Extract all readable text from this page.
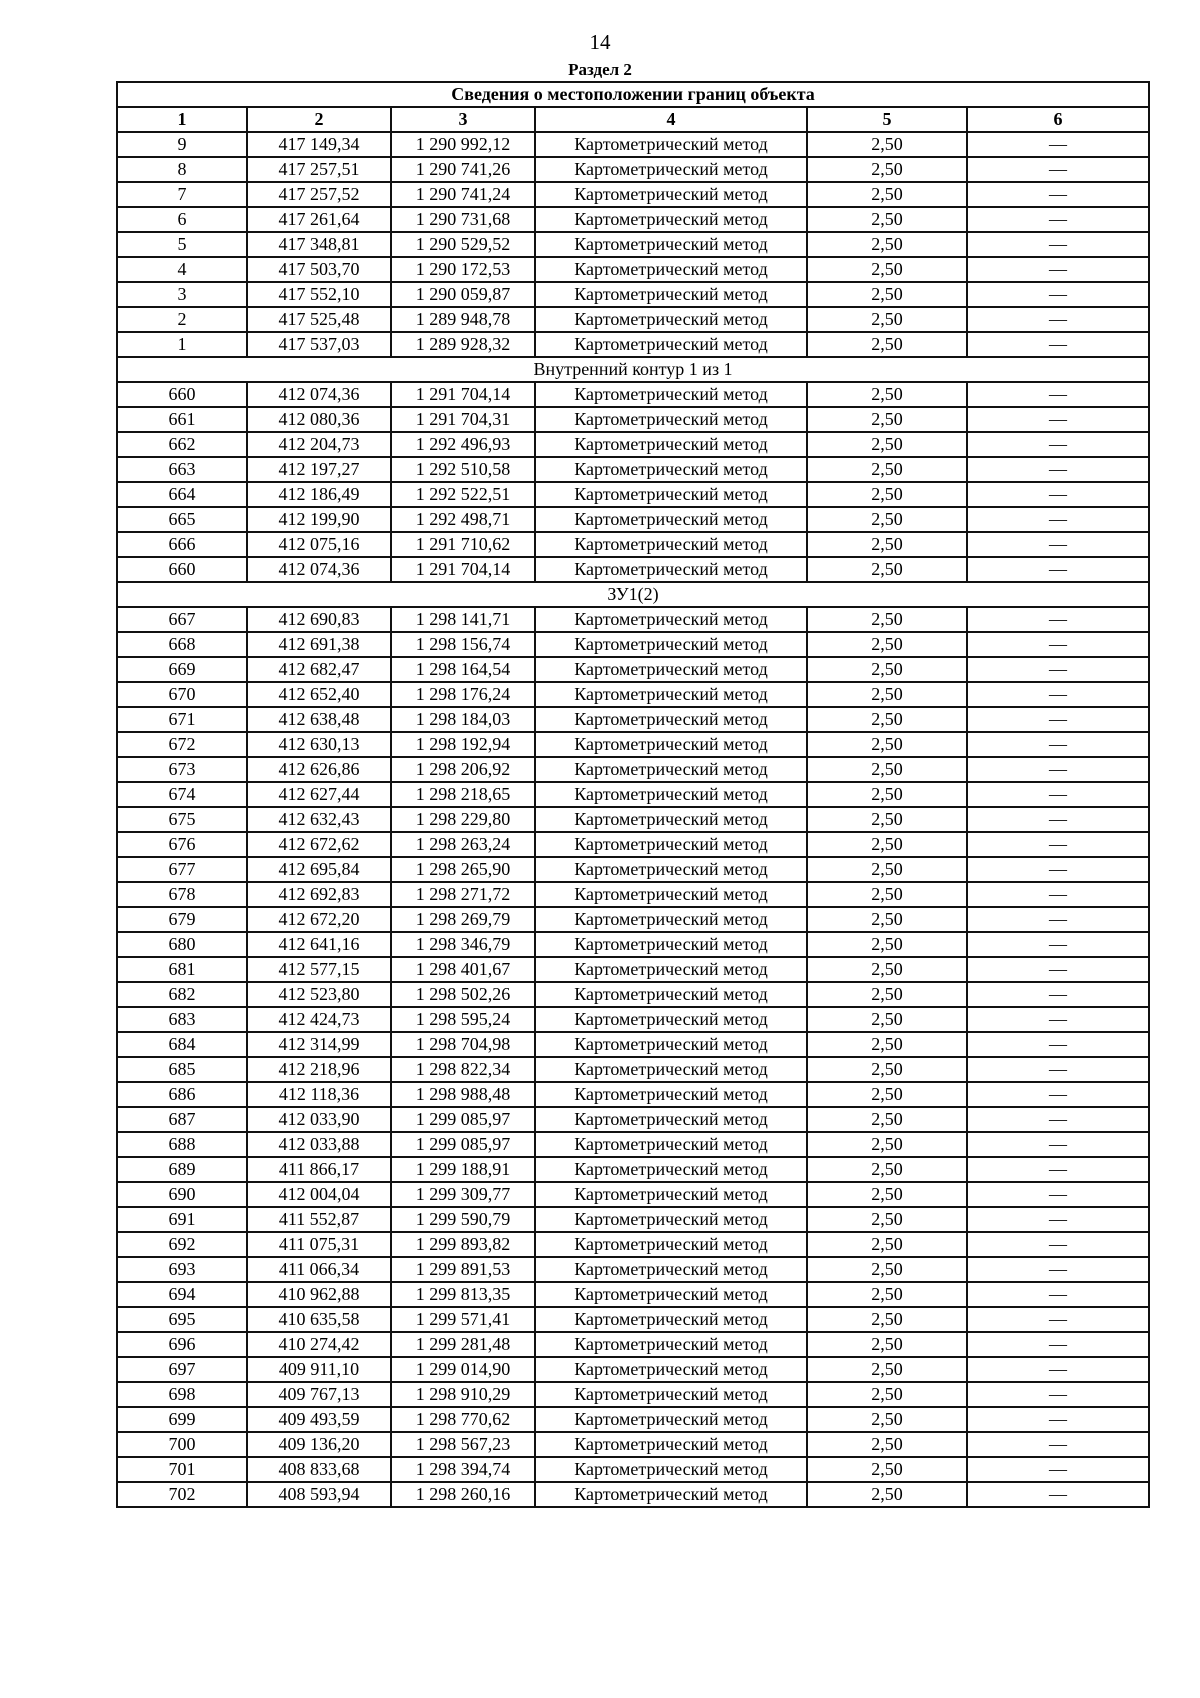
14
Раздел 2
Сведения о местоположении границ объекта					
1	2	3	4	5	6
9	417 149,34	1 290 992,12	Картометрический метод	2,50	—
8	417 257,51	1 290 741,26	Картометрический метод	2,50	—
7	417 257,52	1 290 741,24	Картометрический метод	2,50	—
6	417 261,64	1 290 731,68	Картометрический метод	2,50	—
5	417 348,81	1 290 529,52	Картометрический метод	2,50	—
4	417 503,70	1 290 172,53	Картометрический метод	2,50	—
3	417 552,10	1 290 059,87	Картометрический метод	2,50	—
2	417 525,48	1 289 948,78	Картометрический метод	2,50	—
1	417 537,03	1 289 928,32	Картометрический метод	2,50	—
Внутренний контур 1 из 1					
660	412 074,36	1 291 704,14	Картометрический метод	2,50	—
661	412 080,36	1 291 704,31	Картометрический метод	2,50	—
662	412 204,73	1 292 496,93	Картометрический метод	2,50	—
663	412 197,27	1 292 510,58	Картометрический метод	2,50	—
664	412 186,49	1 292 522,51	Картометрический метод	2,50	—
665	412 199,90	1 292 498,71	Картометрический метод	2,50	—
666	412 075,16	1 291 710,62	Картометрический метод	2,50	—
660	412 074,36	1 291 704,14	Картометрический метод	2,50	—
ЗУ1(2)					
667	412 690,83	1 298 141,71	Картометрический метод	2,50	—
668	412 691,38	1 298 156,74	Картометрический метод	2,50	—
669	412 682,47	1 298 164,54	Картометрический метод	2,50	—
670	412 652,40	1 298 176,24	Картометрический метод	2,50	—
671	412 638,48	1 298 184,03	Картометрический метод	2,50	—
672	412 630,13	1 298 192,94	Картометрический метод	2,50	—
673	412 626,86	1 298 206,92	Картометрический метод	2,50	—
674	412 627,44	1 298 218,65	Картометрический метод	2,50	—
675	412 632,43	1 298 229,80	Картометрический метод	2,50	—
676	412 672,62	1 298 263,24	Картометрический метод	2,50	—
677	412 695,84	1 298 265,90	Картометрический метод	2,50	—
678	412 692,83	1 298 271,72	Картометрический метод	2,50	—
679	412 672,20	1 298 269,79	Картометрический метод	2,50	—
680	412 641,16	1 298 346,79	Картометрический метод	2,50	—
681	412 577,15	1 298 401,67	Картометрический метод	2,50	—
682	412 523,80	1 298 502,26	Картометрический метод	2,50	—
683	412 424,73	1 298 595,24	Картометрический метод	2,50	—
684	412 314,99	1 298 704,98	Картометрический метод	2,50	—
685	412 218,96	1 298 822,34	Картометрический метод	2,50	—
686	412 118,36	1 298 988,48	Картометрический метод	2,50	—
687	412 033,90	1 299 085,97	Картометрический метод	2,50	—
688	412 033,88	1 299 085,97	Картометрический метод	2,50	—
689	411 866,17	1 299 188,91	Картометрический метод	2,50	—
690	412 004,04	1 299 309,77	Картометрический метод	2,50	—
691	411 552,87	1 299 590,79	Картометрический метод	2,50	—
692	411 075,31	1 299 893,82	Картометрический метод	2,50	—
693	411 066,34	1 299 891,53	Картометрический метод	2,50	—
694	410 962,88	1 299 813,35	Картометрический метод	2,50	—
695	410 635,58	1 299 571,41	Картометрический метод	2,50	—
696	410 274,42	1 299 281,48	Картометрический метод	2,50	—
697	409 911,10	1 299 014,90	Картометрический метод	2,50	—
698	409 767,13	1 298 910,29	Картометрический метод	2,50	—
699	409 493,59	1 298 770,62	Картометрический метод	2,50	—
700	409 136,20	1 298 567,23	Картометрический метод	2,50	—
701	408 833,68	1 298 394,74	Картометрический метод	2,50	—
702	408 593,94	1 298 260,16	Картометрический метод	2,50	—
